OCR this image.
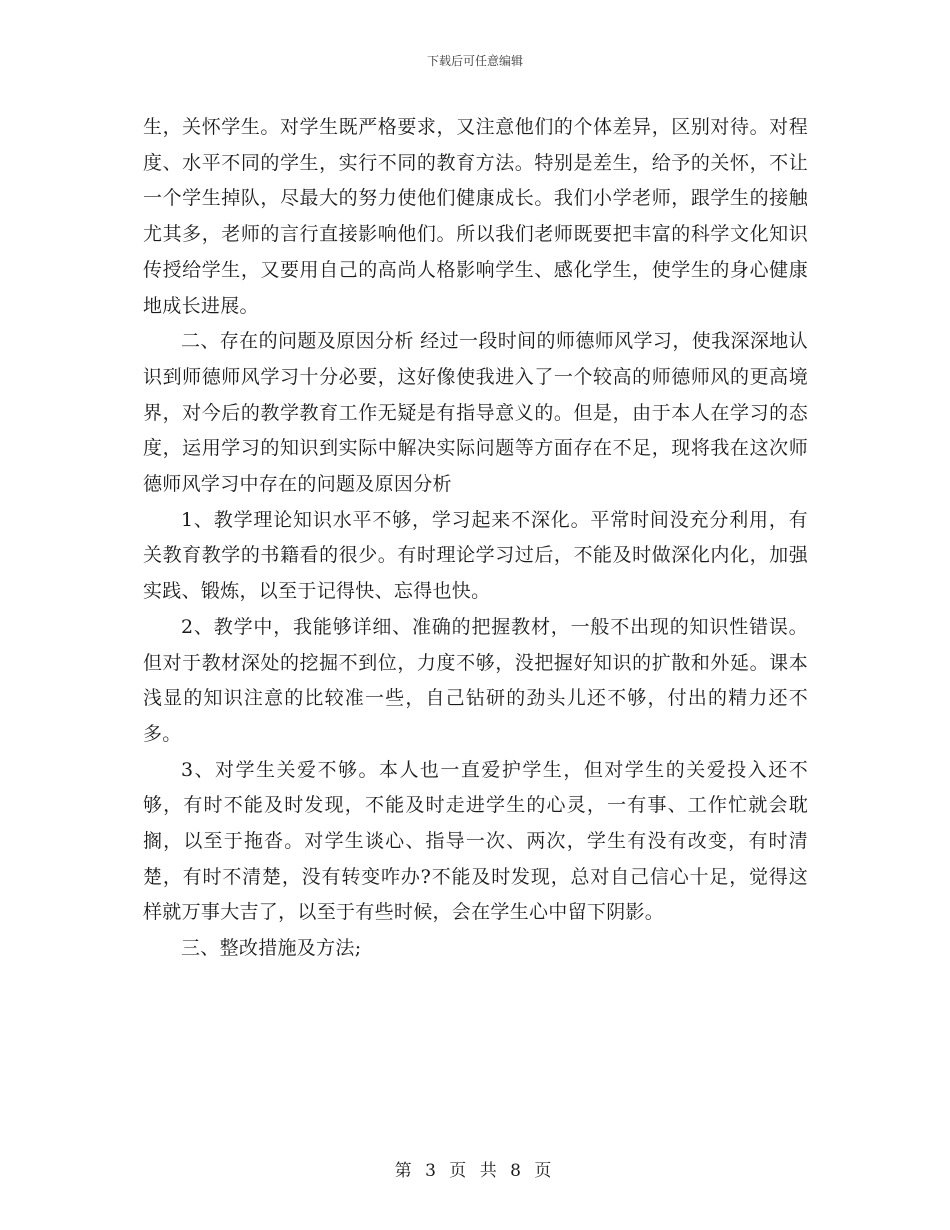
下载后可任意编辑

生，关怀学生。对学生既严格要求，又注意他们的个体差异，区别对待。对程度、水平不同的学生，实行不同的教育方法。特别是差生，给予的关怀，不让一个学生掉队，尽最大的努力使他们健康成长。我们小学老师，跟学生的接触尤其多，老师的言行直接影响他们。所以我们老师既要把丰富的科学文化知识传授给学生，又要用自己的高尚人格影响学生、感化学生，使学生的身心健康地成长进展。

二、存在的问题及原因分析 经过一段时间的师德师风学习，使我深深地认识到师德师风学习十分必要，这好像使我进入了一个较高的师德师风的更高境界，对今后的教学教育工作无疑是有指导意义的。但是，由于本人在学习的态度，运用学习的知识到实际中解决实际问题等方面存在不足，现将我在这次师德师风学习中存在的问题及原因分析

1、教学理论知识水平不够，学习起来不深化。平常时间没充分利用，有关教育教学的书籍看的很少。有时理论学习过后，不能及时做深化内化，加强实践、锻炼，以至于记得快、忘得也快。

2、教学中，我能够详细、准确的把握教材，一般不出现的知识性错误。但对于教材深处的挖掘不到位，力度不够，没把握好知识的扩散和外延。课本浅显的知识注意的比较准一些，自己钻研的劲头儿还不够，付出的精力还不多。

3、对学生关爱不够。本人也一直爱护学生，但对学生的关爱投入还不够，有时不能及时发现，不能及时走进学生的心灵，一有事、工作忙就会耽搁，以至于拖沓。对学生谈心、指导一次、两次，学生有没有改变，有时清楚，有时不清楚，没有转变咋办?不能及时发现，总对自己信心十足，觉得这样就万事大吉了，以至于有些时候，会在学生心中留下阴影。

三、整改措施及方法;

第 3 页 共 8 页
